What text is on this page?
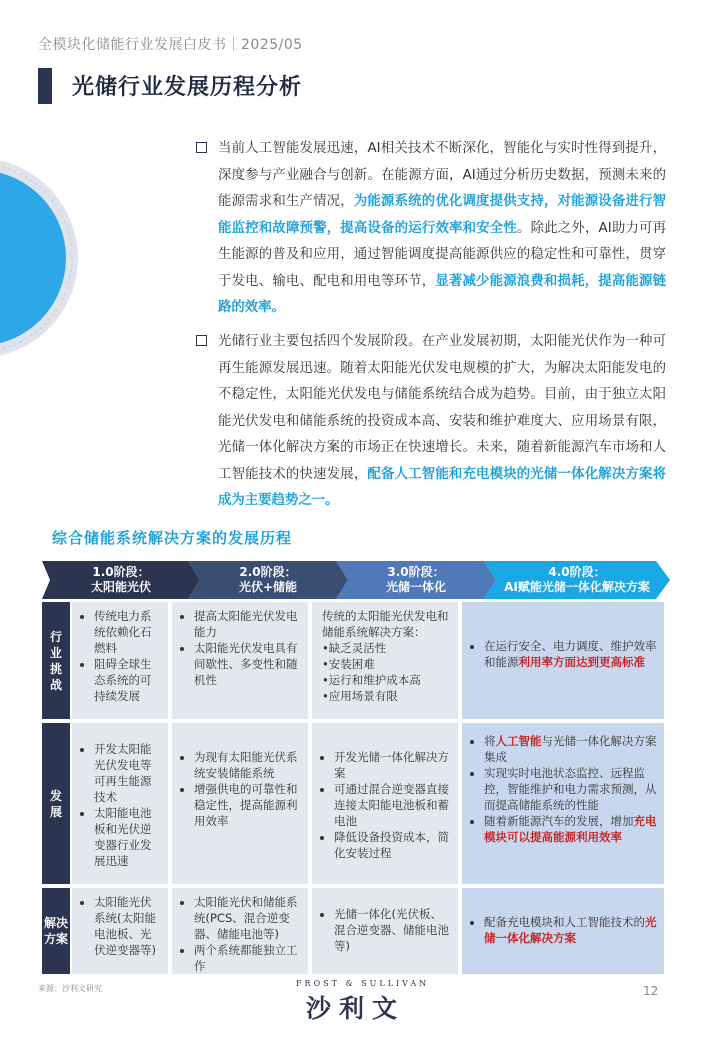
全模块化储能行业发展白皮书｜2025/05
光储行业发展历程分析
当前人工智能发展迅速，AI相关技术不断深化，智能化与实时性得到提升，深度参与产业融合与创新。在能源方面，AI通过分析历史数据，预测未来的能源需求和生产情况，为能源系统的优化调度提供支持，对能源设备进行智能监控和故障预警，提高设备的运行效率和安全性。除此之外，AI助力可再生能源的普及和应用，通过智能调度提高能源供应的稳定性和可靠性，贯穿于发电、输电、配电和用电等环节，显著减少能源浪费和损耗，提高能源链路的效率。
光储行业主要包括四个发展阶段。在产业发展初期，太阳能光伏作为一种可再生能源发展迅速。随着太阳能光伏发电规模的扩大，为解决太阳能发电的不稳定性，太阳能光伏发电与储能系统结合成为趋势。目前，由于独立太阳能光伏发电和储能系统的投资成本高、安装和维护难度大、应用场景有限，光储一体化解决方案的市场正在快速增长。未来，随着新能源汽车市场和人工智能技术的快速发展，配备人工智能和充电模块的光储一体化解决方案将成为主要趋势之一。
综合储能系统解决方案的发展历程
1.0阶段：
太阳能光伏
2.0阶段：
光伏+储能
3.0阶段：
光储一体化
4.0阶段：
AI赋能光储一体化解决方案
行业挑战
• 传统电力系统依赖化石燃料
• 阻碍全球生态系统的可持续发展
• 提高太阳能光伏发电能力
• 太阳能光伏发电具有间歇性、多变性和随机性
传统的太阳能光伏发电和储能系统解决方案：
•缺乏灵活性
•安装困难
•运行和维护成本高
•应用场景有限
• 在运行安全、电力调度、维护效率和能源利用率方面达到更高标准
发展
• 开发太阳能光伏发电等可再生能源技术
• 太阳能电池板和光伏逆变器行业发展迅速
• 为现有太阳能光伏系统安装储能系统
• 增强供电的可靠性和稳定性，提高能源利用效率
• 开发光储一体化解决方案
• 可通过混合逆变器直接连接太阳能电池板和蓄电池
• 降低设备投资成本，简化安装过程
• 将人工智能与光储一体化解决方案集成
• 实现实时电池状态监控、远程监控，智能维护和电力需求预测，从而提高储能系统的性能
• 随着新能源汽车的发展，增加充电模块可以提高能源利用效率
解决方案
• 太阳能光伏系统(太阳能电池板、光伏逆变器等)
• 太阳能光伏和储能系统(PCS、混合逆变器、储能电池等)
• 两个系统都能独立工作
• 光储一体化(光伏板、混合逆变器、储能电池等)
• 配备充电模块和人工智能技术的光储一体化解决方案
来源：沙利文研究
FROST & SULLIVAN
沙利文
12
